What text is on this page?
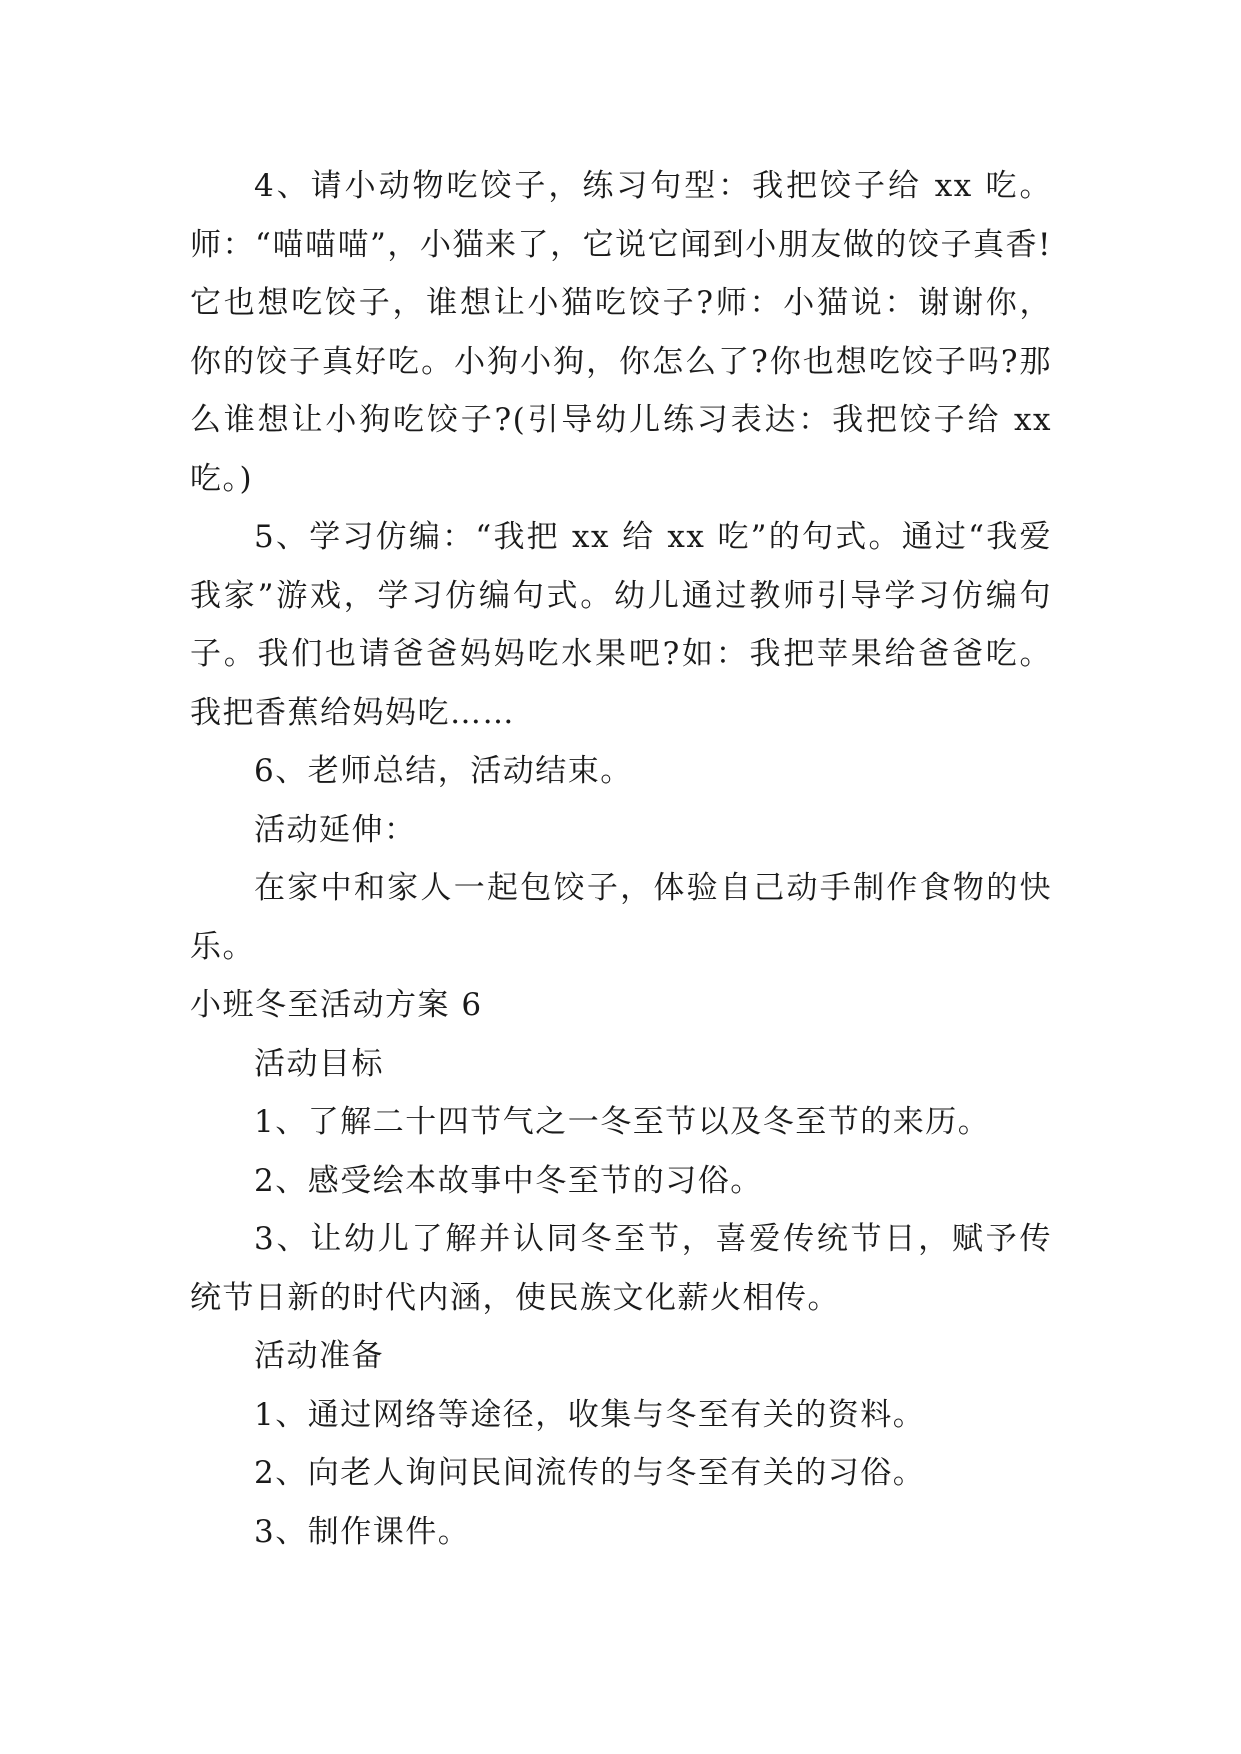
4、请小动物吃饺子，练习句型：我把饺子给 xx 吃。师：“喵喵喵”，小猫来了，它说它闻到小朋友做的饺子真香!它也想吃饺子，谁想让小猫吃饺子?师：小猫说：谢谢你，你的饺子真好吃。小狗小狗，你怎么了?你也想吃饺子吗?那么谁想让小狗吃饺子?(引导幼儿练习表达：我把饺子给 xx 吃。)

5、学习仿编：“我把 xx 给 xx 吃”的句式。通过“我爱我家”游戏，学习仿编句式。幼儿通过教师引导学习仿编句子。我们也请爸爸妈妈吃水果吧?如：我把苹果给爸爸吃。我把香蕉给妈妈吃……

6、老师总结，活动结束。

活动延伸：

在家中和家人一起包饺子，体验自己动手制作食物的快乐。

小班冬至活动方案 6

活动目标

1、了解二十四节气之一冬至节以及冬至节的来历。

2、感受绘本故事中冬至节的习俗。

3、让幼儿了解并认同冬至节，喜爱传统节日，赋予传统节日新的时代内涵，使民族文化薪火相传。

活动准备

1、通过网络等途径，收集与冬至有关的资料。

2、向老人询问民间流传的与冬至有关的习俗。

3、制作课件。
